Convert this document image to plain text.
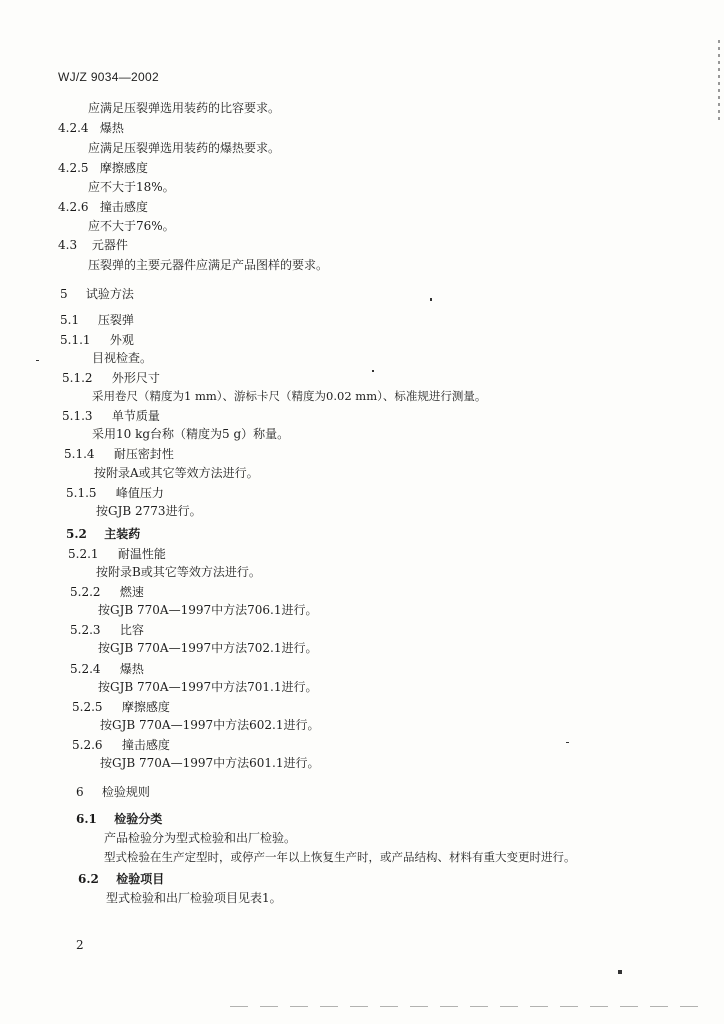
WJ/Z 9034—2002
应满足压裂弹选用装药的比容要求。
4.2.4 爆热
应满足压裂弹选用装药的爆热要求。
4.2.5 摩擦感度
应不大于18%。
4.2.6 撞击感度
应不大于76%。
4.3 元器件
压裂弹的主要元器件应满足产品图样的要求。
5 试验方法
5.1 压裂弹
5.1.1 外观
目视检查。
5.1.2 外形尺寸
采用卷尺（精度为1 mm）、游标卡尺（精度为0.02 mm）、标准规进行测量。
5.1.3 单节质量
采用10 kg台称（精度为5 g）称量。
5.1.4 耐压密封性
按附录A或其它等效方法进行。
5.1.5 峰值压力
按GJB 2773进行。
5.2 主装药
5.2.1 耐温性能
按附录B或其它等效方法进行。
5.2.2 燃速
按GJB 770A—1997中方法706.1进行。
5.2.3 比容
按GJB 770A—1997中方法702.1进行。
5.2.4 爆热
按GJB 770A—1997中方法701.1进行。
5.2.5 摩擦感度
按GJB 770A—1997中方法602.1进行。
5.2.6 撞击感度
按GJB 770A—1997中方法601.1进行。
6 检验规则
6.1 检验分类
产品检验分为型式检验和出厂检验。
型式检验在生产定型时，或停产一年以上恢复生产时，或产品结构、材料有重大变更时进行。
6.2 检验项目
型式检验和出厂检验项目见表1。
2
